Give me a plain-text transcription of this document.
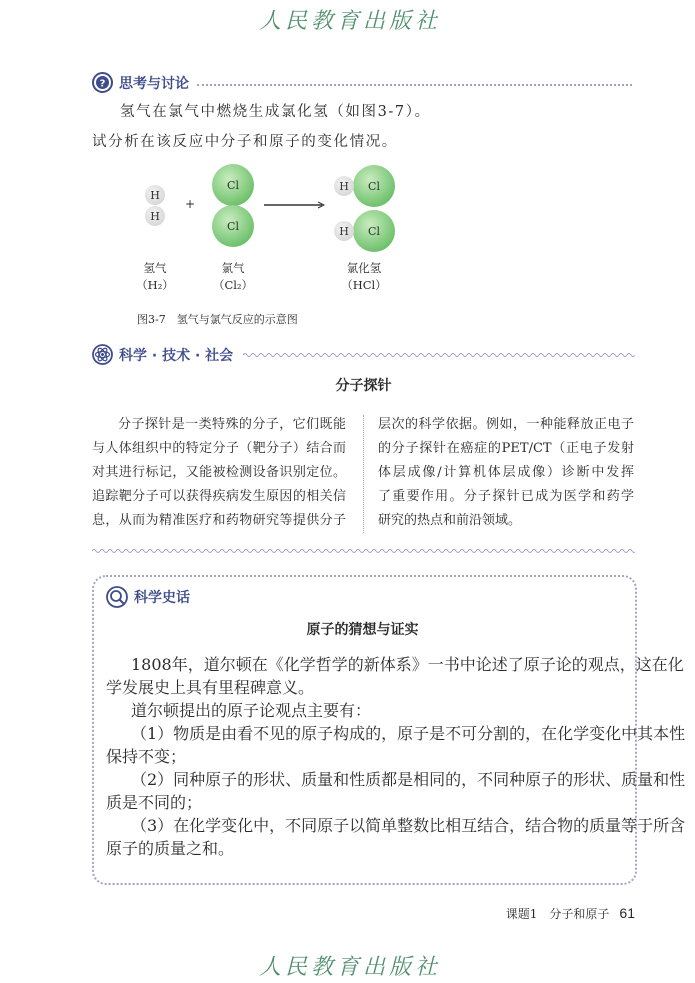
人民教育出版社
? 思考与讨论
氢气在氯气中燃烧生成氯化氢（如图3-7）。
试分析在该反应中分子和原子的变化情况。
H
H
+
Cl
Cl
H	Cl
H	Cl
氢气
（H₂）
氯气
（Cl₂）
氯化氢
（HCl）
图3-7　氢气与氯气反应的示意图
科学 · 技术 · 社会
分子探针
分子探针是一类特殊的分子，它们既能
与人体组织中的特定分子（靶分子）结合而
对其进行标记，又能被检测设备识别定位。
追踪靶分子可以获得疾病发生原因的相关信
息，从而为精准医疗和药物研究等提供分子
层次的科学依据。例如，一种能释放正电子
的分子探针在癌症的PET/CT（正电子发射
体层成像/计算机体层成像）诊断中发挥
了重要作用。分子探针已成为医学和药学
研究的热点和前沿领域。
科学史话
原子的猜想与证实
1808年，道尔顿在《化学哲学的新体系》一书中论述了原子论的观点，这在化
学发展史上具有里程碑意义。
道尔顿提出的原子论观点主要有：
（1）物质是由看不见的原子构成的，原子是不可分割的，在化学变化中其本性
保持不变；
（2）同种原子的形状、质量和性质都是相同的，不同种原子的形状、质量和性
质是不同的；
（3）在化学变化中，不同原子以简单整数比相互结合，结合物的质量等于所含
原子的质量之和。
课题1　分子和原子 61
人民教育出版社
